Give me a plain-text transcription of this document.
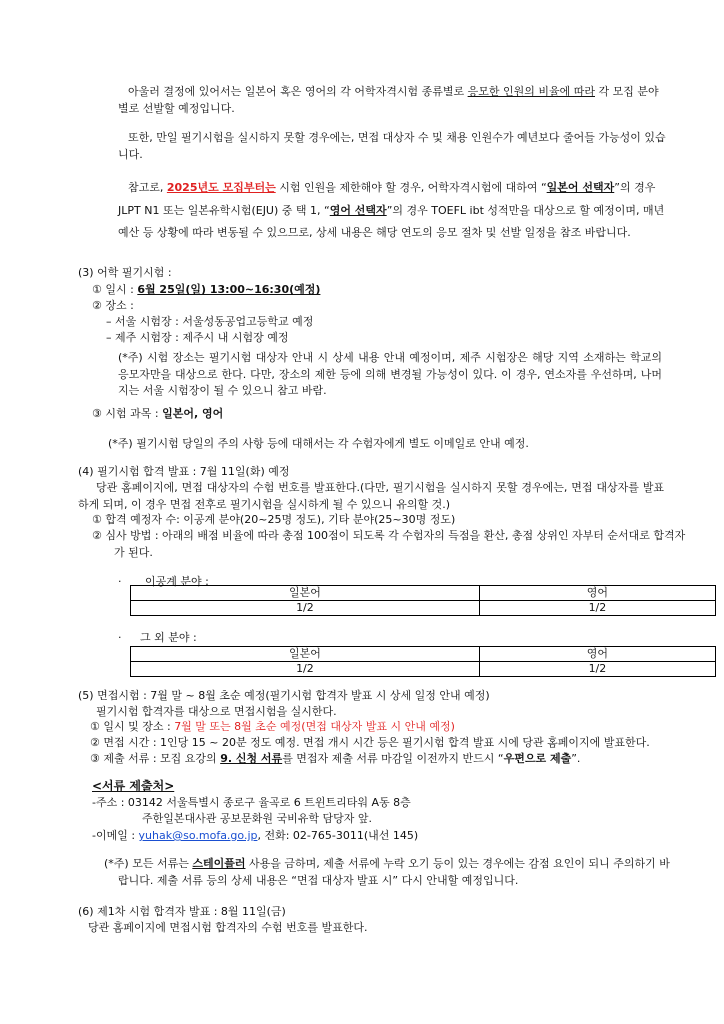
아울러 결정에 있어서는 일본어 혹은 영어의 각 어학자격시험 종류별로 응모한 인원의 비율에 따라 각 모집 분야별로 선발할 예정입니다.

또한, 만일 필기시험을 실시하지 못할 경우에는, 면접 대상자 수 및 채용 인원수가 예년보다 줄어들 가능성이 있습니다.

참고로, 2025년도 모집부터는 시험 인원을 제한해야 할 경우, 어학자격시험에 대하여 “일본어 선택자”의 경우

JLPT N1 또는 일본유학시험(EJU) 중 택 1, “영어 선택자”의 경우 TOEFL ibt 성적만을 대상으로 할 예정이며, 매년

예산 등 상황에 따라 변동될 수 있으므로, 상세 내용은 해당 연도의 응모 절차 및 선발 일정을 참조 바랍니다.

(3) 어학 필기시험 :

① 일시 : 6월 25일(일) 13:00~16:30(예정)

② 장소 :

– 서울 시험장 : 서울성동공업고등학교 예정

– 제주 시험장 : 제주시 내 시험장 예정

(*주) 시험 장소는 필기시험 대상자 안내 시 상세 내용 안내 예정이며, 제주 시험장은 해당 지역 소재하는 학교의 응모자만을 대상으로 한다. 다만, 장소의 제한 등에 의해 변경될 가능성이 있다. 이 경우, 연소자를 우선하며, 나머지는 서울 시험장이 될 수 있으니 참고 바람.

③ 시험 과목 : 일본어, 영어

(*주) 필기시험 당일의 주의 사항 등에 대해서는 각 수험자에게 별도 이메일로 안내 예정.

(4) 필기시험 합격 발표 : 7월 11일(화) 예정

당관 홈페이지에, 면접 대상자의 수험 번호를 발표한다.(다만, 필기시험을 실시하지 못할 경우에는, 면접 대상자를 발표하게 되며, 이 경우 면접 전후로 필기시험을 실시하게 될 수 있으니 유의할 것.)

① 합격 예정자 수: 이공계 분야(20~25명 정도), 기타 분야(25~30명 정도)

② 심사 방법 : 아래의 배점 비율에 따라 총점 100점이 되도록 각 수험자의 득점을 환산, 총점 상위인 자부터 순서대로 합격자가 된다.

· 이공계 분야 :

일본어	영어
1/2	1/2

· 그 외 분야 :

일본어	영어
1/2	1/2

(5) 면접시험 : 7월 말 ~ 8월 초순 예정(필기시험 합격자 발표 시 상세 일정 안내 예정)

필기시험 합격자를 대상으로 면접시험을 실시한다.

① 일시 및 장소 : 7월 말 또는 8월 초순 예정(면접 대상자 발표 시 안내 예정)

② 면접 시간 : 1인당 15 ~ 20분 정도 예정. 면접 개시 시간 등은 필기시험 합격 발표 시에 당관 홈페이지에 발표한다.

③ 제출 서류 : 모집 요강의 9. 신청 서류를 면접자 제출 서류 마감일 이전까지 반드시 “우편으로 제출”.

<서류 제출처>

-주소 : 03142 서울특별시 종로구 율곡로 6 트윈트리타워 A동 8층

주한일본대사관 공보문화원 국비유학 담당자 앞.

-이메일 : yuhak@so.mofa.go.jp, 전화: 02-765-3011(내선 145)

(*주) 모든 서류는 스테이플러 사용을 금하며, 제출 서류에 누락 오기 등이 있는 경우에는 감점 요인이 되니 주의하기 바랍니다. 제출 서류 등의 상세 내용은 “면접 대상자 발표 시” 다시 안내할 예정입니다.

(6) 제1차 시험 합격자 발표 : 8월 11일(금)

당관 홈페이지에 면접시험 합격자의 수험 번호를 발표한다.
